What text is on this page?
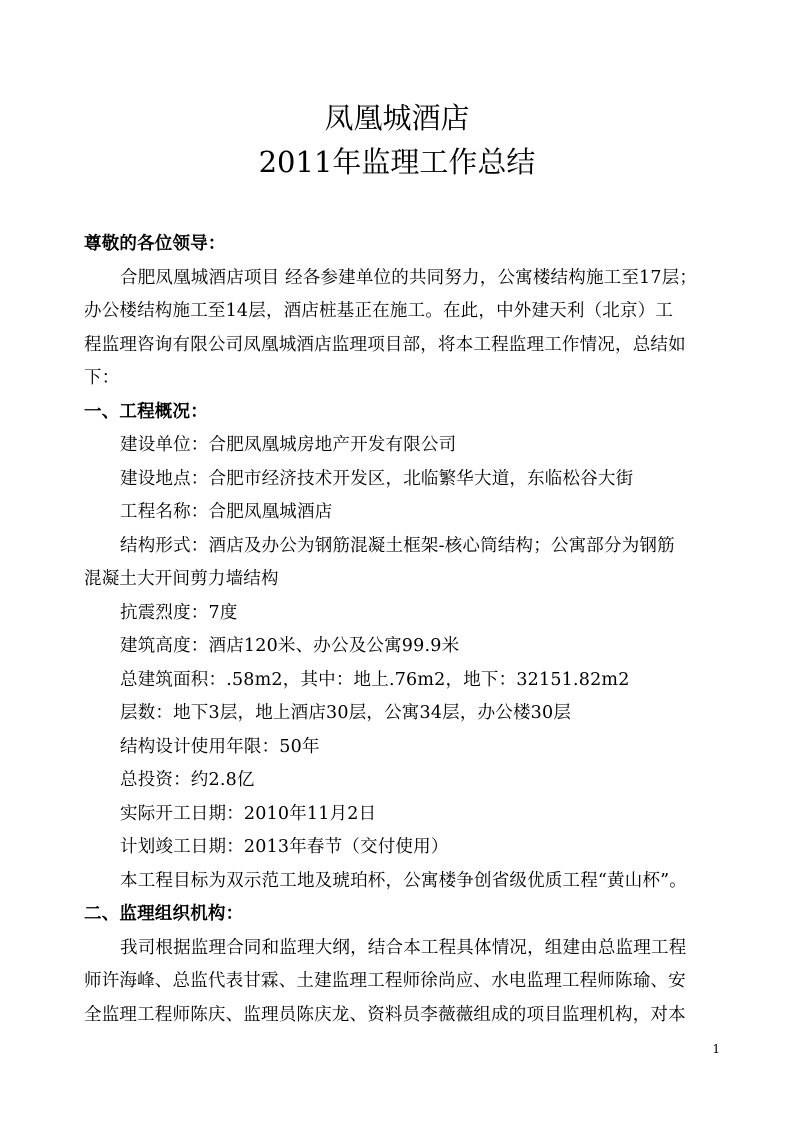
凤凰城酒店
2011年监理工作总结
尊敬的各位领导：
合肥凤凰城酒店项目 经各参建单位的共同努力，公寓楼结构施工至17层；
办公楼结构施工至14层，酒店桩基正在施工。在此，中外建天利（北京）工
程监理咨询有限公司凤凰城酒店监理项目部，将本工程监理工作情况，总结如
下：
一、工程概况：
建设单位：合肥凤凰城房地产开发有限公司
建设地点：合肥市经济技术开发区，北临繁华大道，东临松谷大街
工程名称：合肥凤凰城酒店
结构形式：酒店及办公为钢筋混凝土框架-核心筒结构；公寓部分为钢筋
混凝土大开间剪力墙结构
抗震烈度：7度
建筑高度：酒店120米、办公及公寓99.9米
总建筑面积：.58m2，其中：地上.76m2，地下：32151.82m2
层数：地下3层，地上酒店30层，公寓34层，办公楼30层
结构设计使用年限：50年
总投资：约2.8亿
实际开工日期：2010年11月2日
计划竣工日期：2013年春节（交付使用）
本工程目标为双示范工地及琥珀杯，公寓楼争创省级优质工程“黄山杯”。
二、监理组织机构：
我司根据监理合同和监理大纲，结合本工程具体情况，组建由总监理工程
师许海峰、总监代表甘霖、土建监理工程师徐尚应、水电监理工程师陈瑜、安
全监理工程师陈庆、监理员陈庆龙、资料员李薇薇组成的项目监理机构，对本
1
